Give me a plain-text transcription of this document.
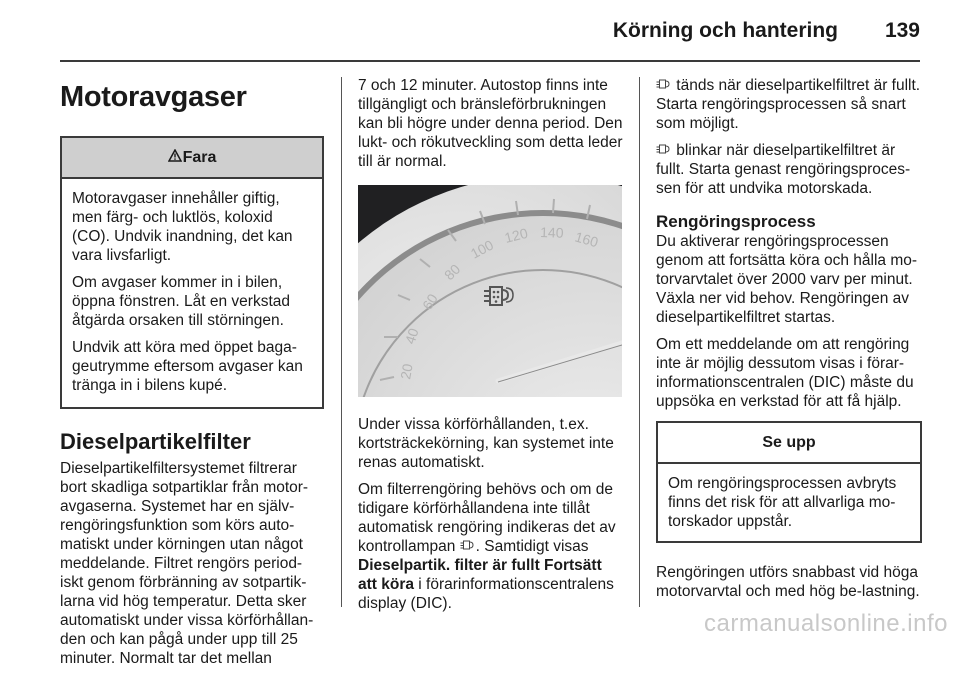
Körning och hantering 139
Motoravgaser
Fara

Motoravgaser innehåller giftig, men färg- och luktlös, koloxid (CO). Undvik inandning, det kan vara livsfarligt.

Om avgaser kommer in i bilen, öppna fönstren. Låt en verkstad åtgärda orsaken till störningen.

Undvik att köra med öppet baga-geutrymme eftersom avgaser kan tränga in i bilens kupé.

Dieselpartikelfilter

Dieselpartikelfiltersystemet filtrerar bort skadliga sotpartiklar från motor-avgaserna. Systemet har en själv-rengöringsfunktion som körs auto-matiskt under körningen utan något meddelande. Filtret rengörs period-iskt genom förbränning av sotpartik-larna vid hög temperatur. Detta sker automatiskt under vissa körförhållan-den och kan pågå under upp till 25 minuter. Normalt tar det mellan

7 och 12 minuter. Autostop finns inte tillgängligt och bränsleförbrukningen kan bli högre under denna period. Den lukt- och rökutveckling som detta leder till är normal.

20
40
60
80
100
120 140 160

Under vissa körförhållanden, t.ex. kortsträckekörning, kan systemet inte renas automatiskt.

Om filterrengöring behövs och om de tidigare körförhållandena inte tillåt automatisk rengöring indikeras det av kontrollampan . Samtidigt visas
Dieselpartik. filter är fullt Fortsätt att köra i förarinformationscentralens display (DIC).

tänds när dieselpartikelfiltret är fullt. Starta rengöringsprocessen så snart som möjligt.

blinkar när dieselpartikelfiltret är fullt. Starta genast rengöringsproces-sen för att undvika motorskada.

Rengöringsprocess

Du aktiverar rengöringsprocessen genom att fortsätta köra och hålla mo-torvarvtalet över 2000 varv per minut. Växla ner vid behov. Rengöringen av dieselpartikelfiltret startas.

Om ett meddelande om att rengöring inte är möjlig dessutom visas i förar-informationscentralen (DIC) måste du uppsöka en verkstad för att få hjälp.

Se upp
Om rengöringsprocessen avbryts finns det risk för att allvarliga mo-torskador uppstår.

Rengöringen utförs snabbast vid höga motorvarvtal och med hög be-lastning.

carmanualsonline.info
